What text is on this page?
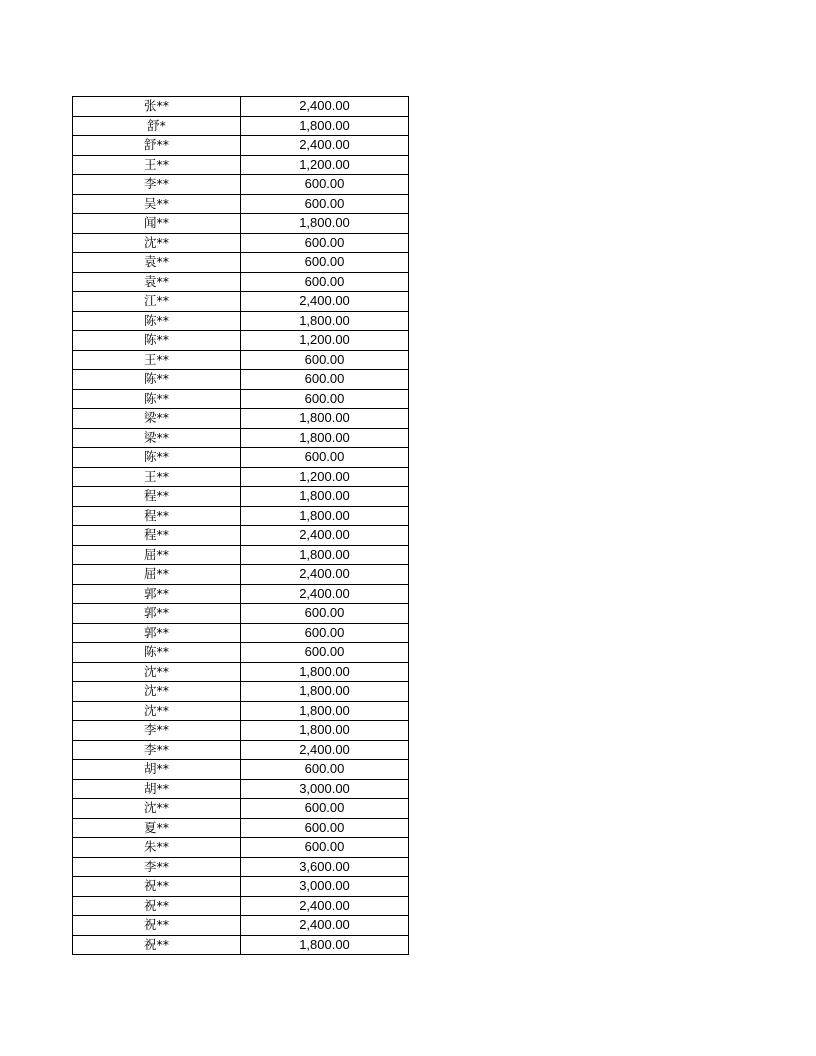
张**	2,400.00
舒*	1,800.00
舒**	2,400.00
王**	1,200.00
李**	600.00
吴**	600.00
闻**	1,800.00
沈**	600.00
袁**	600.00
袁**	600.00
江**	2,400.00
陈**	1,800.00
陈**	1,200.00
王**	600.00
陈**	600.00
陈**	600.00
梁**	1,800.00
梁**	1,800.00
陈**	600.00
王**	1,200.00
程**	1,800.00
程**	1,800.00
程**	2,400.00
屈**	1,800.00
屈**	2,400.00
郭**	2,400.00
郭**	600.00
郭**	600.00
陈**	600.00
沈**	1,800.00
沈**	1,800.00
沈**	1,800.00
李**	1,800.00
李**	2,400.00
胡**	600.00
胡**	3,000.00
沈**	600.00
夏**	600.00
朱**	600.00
李**	3,600.00
祝**	3,000.00
祝**	2,400.00
祝**	2,400.00
祝**	1,800.00
